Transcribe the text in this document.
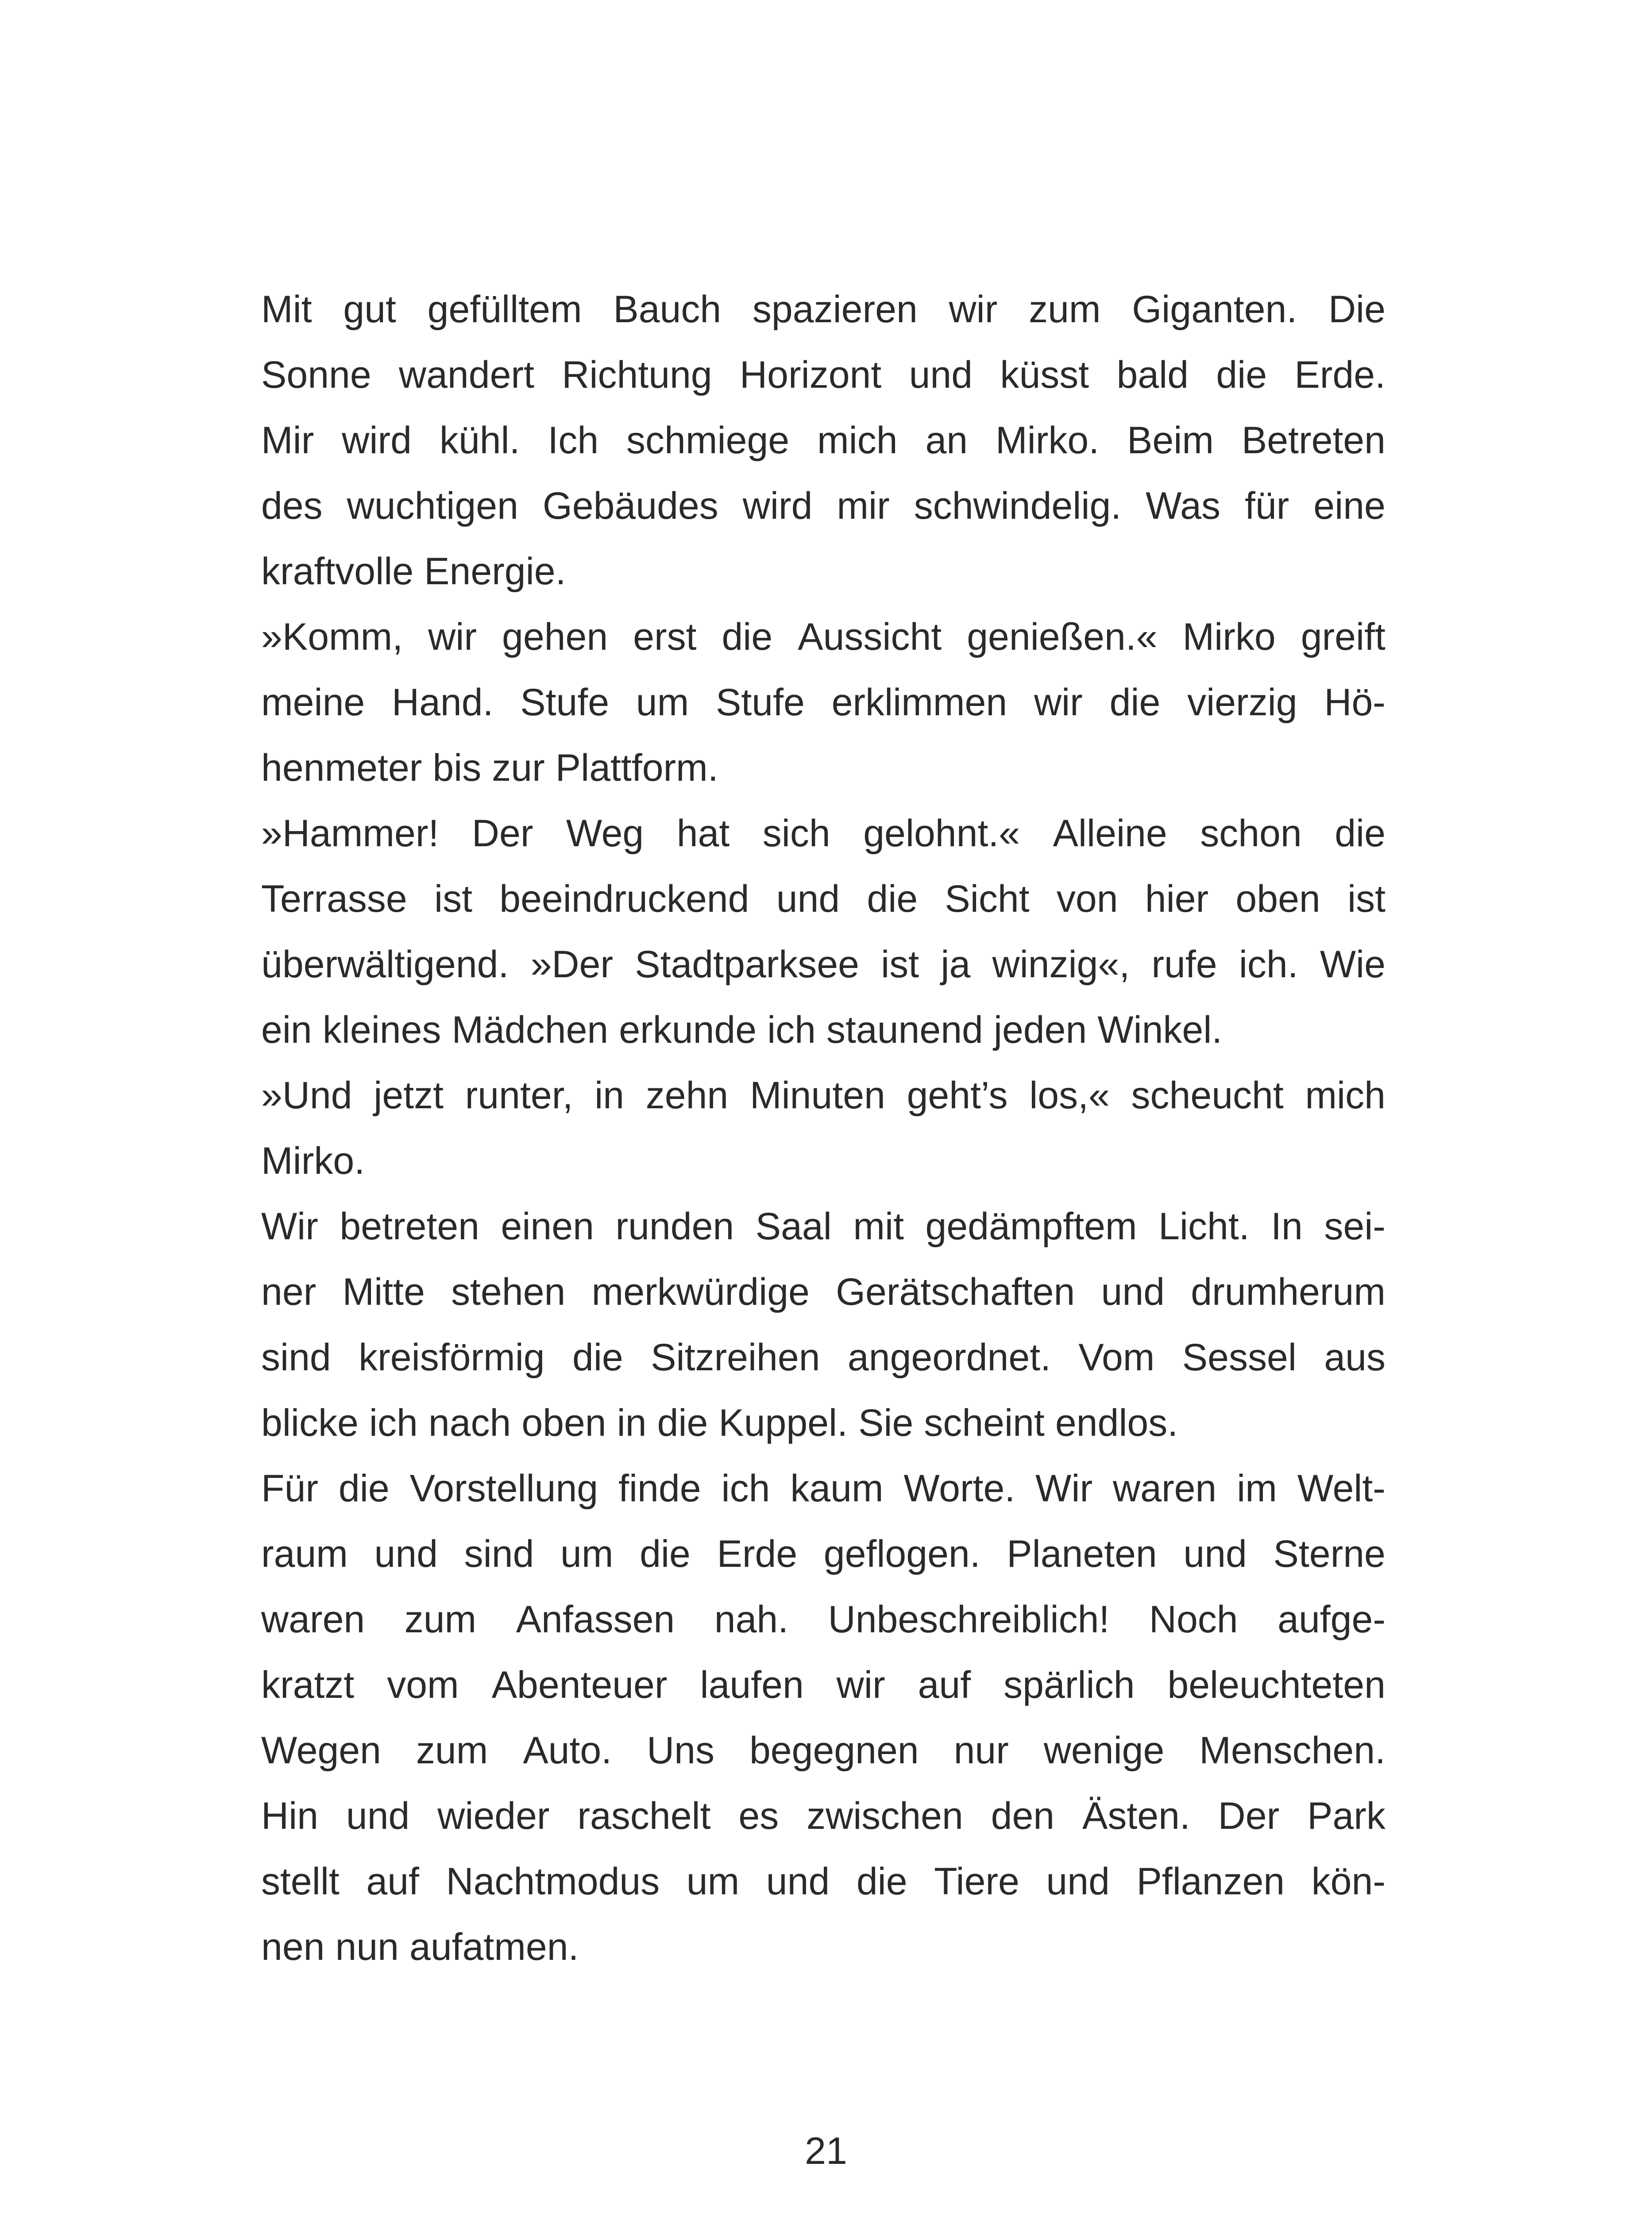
Mit gut gefülltem Bauch spazieren wir zum Giganten. Die
Sonne wandert Richtung Horizont und küsst bald die Erde.
Mir wird kühl. Ich schmiege mich an Mirko. Beim Betreten
des wuchtigen Gebäudes wird mir schwindelig. Was für eine
kraftvolle Energie.
»Komm, wir gehen erst die Aussicht genießen.« Mirko greift
meine Hand. Stufe um Stufe erklimmen wir die vierzig Hö-
henmeter bis zur Plattform.
»Hammer! Der Weg hat sich gelohnt.« Alleine schon die
Terrasse ist beeindruckend und die Sicht von hier oben ist
überwältigend. »Der Stadtparksee ist ja winzig«, rufe ich. Wie
ein kleines Mädchen erkunde ich staunend jeden Winkel.
»Und jetzt runter, in zehn Minuten geht’s los,« scheucht mich
Mirko.
Wir betreten einen runden Saal mit gedämpftem Licht. In sei-
ner Mitte stehen merkwürdige Gerätschaften und drumherum
sind kreisförmig die Sitzreihen angeordnet. Vom Sessel aus
blicke ich nach oben in die Kuppel. Sie scheint endlos.
Für die Vorstellung finde ich kaum Worte. Wir waren im Welt-
raum und sind um die Erde geflogen. Planeten und Sterne
waren zum Anfassen nah. Unbeschreiblich! Noch aufge-
kratzt vom Abenteuer laufen wir auf spärlich beleuchteten
Wegen zum Auto. Uns begegnen nur wenige Menschen.
Hin und wieder raschelt es zwischen den Ästen. Der Park
stellt auf Nachtmodus um und die Tiere und Pflanzen kön-
nen nun aufatmen.
21
